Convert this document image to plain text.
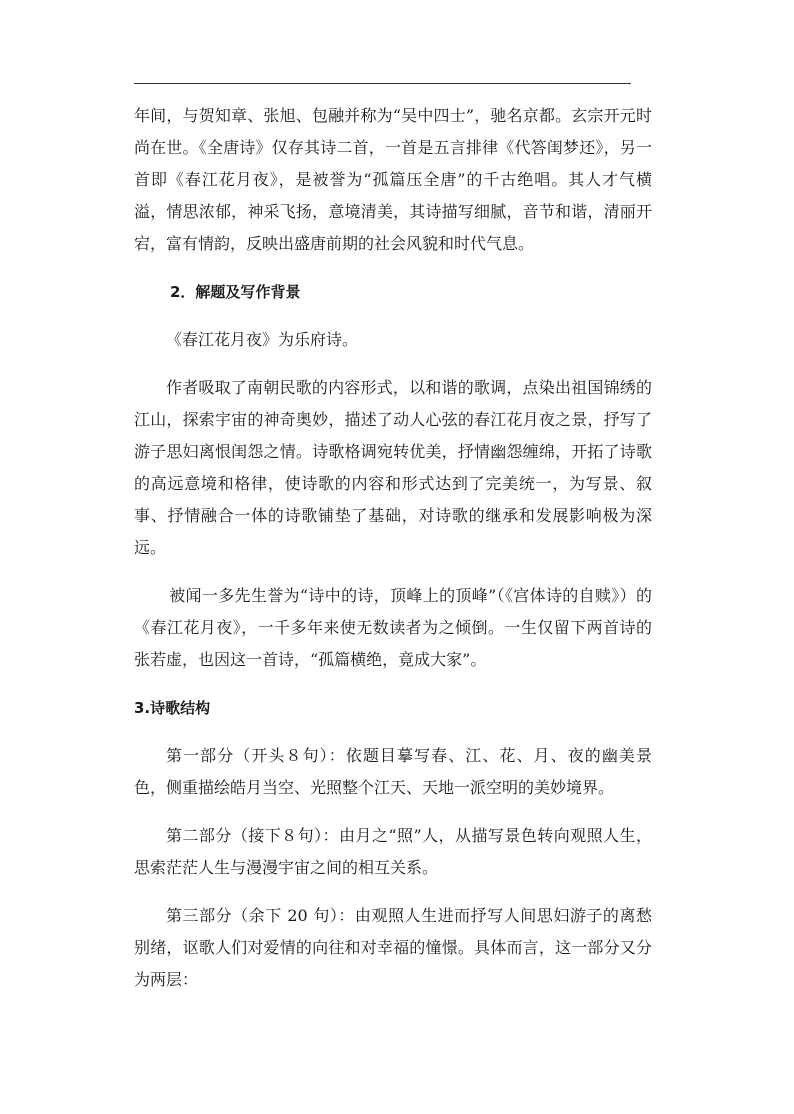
年间，与贺知章、张旭、包融并称为“吴中四士”，驰名京都。玄宗开元时尚在世。《全唐诗》仅存其诗二首，一首是五言排律《代答闺梦还》，另一首即《春江花月夜》，是被誉为“孤篇压全唐”的千古绝唱。其人才气横溢，情思浓郁，神采飞扬，意境清美，其诗描写细腻，音节和谐，清丽开宕，富有情韵，反映出盛唐前期的社会风貌和时代气息。

2．解题及写作背景

《春江花月夜》为乐府诗。

作者吸取了南朝民歌的内容形式，以和谐的歌调，点染出祖国锦绣的江山，探索宇宙的神奇奥妙，描述了动人心弦的春江花月夜之景，抒写了游子思妇离恨闺怨之情。诗歌格调宛转优美，抒情幽怨缠绵，开拓了诗歌的高远意境和格律，使诗歌的内容和形式达到了完美统一，为写景、叙事、抒情融合一体的诗歌铺垫了基础，对诗歌的继承和发展影响极为深远。

被闻一多先生誉为“诗中的诗，顶峰上的顶峰”（《宫体诗的自赎》）的《春江花月夜》，一千多年来使无数读者为之倾倒。一生仅留下两首诗的张若虚，也因这一首诗，“孤篇横绝，竟成大家”。

3.诗歌结构

第一部分（开头８句）：依题目摹写春、江、花、月、夜的幽美景色，侧重描绘皓月当空、光照整个江天、天地一派空明的美妙境界。

第二部分（接下８句）：由月之“照”人，从描写景色转向观照人生，思索茫茫人生与漫漫宇宙之间的相互关系。

第三部分（余下 20 句）：由观照人生进而抒写人间思妇游子的离愁别绪，讴歌人们对爱情的向往和对幸福的憧憬。具体而言，这一部分又分为两层：
